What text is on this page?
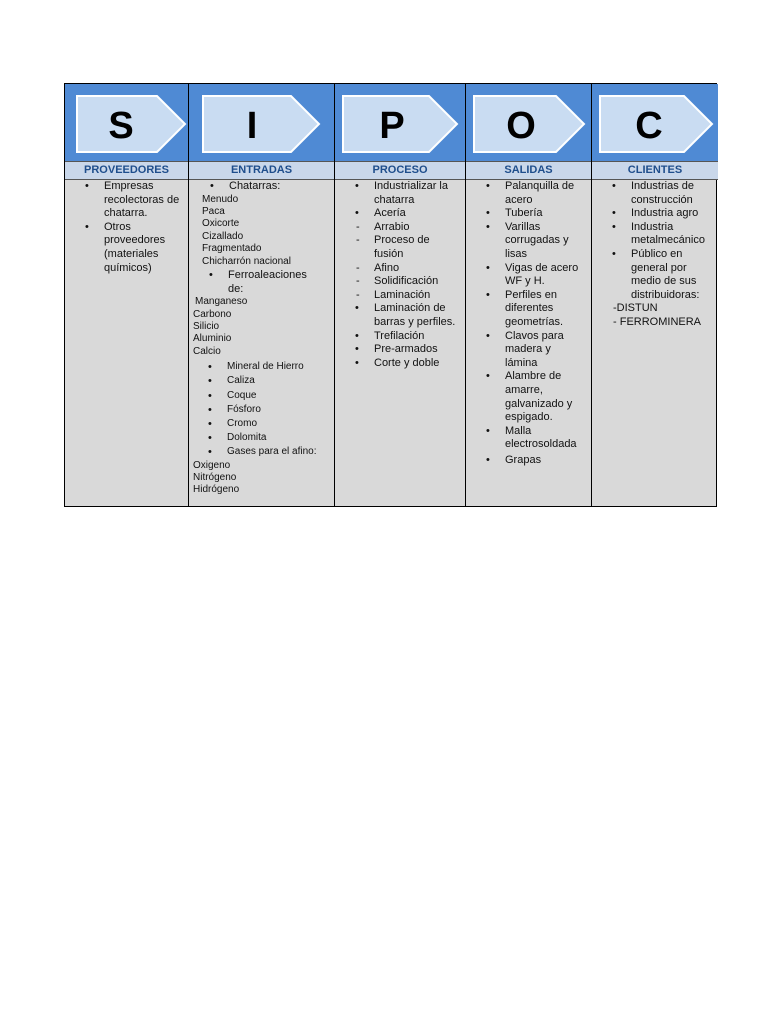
S
PROVEEDORES
• Empresas recolectoras de chatarra.
• Otros proveedores (materiales químicos)
I
ENTRADAS
• Chatarras:
Menudo
Paca
Oxicorte
Cizallado
Fragmentado
Chicharrón nacional
• Ferroaleaciones de:
Manganeso
Carbono
Silicio
Aluminio
Calcio
• Mineral de Hierro
• Caliza
• Coque
• Fósforo
• Cromo
• Dolomita
• Gases para el afino:
Oxigeno
Nitrógeno
Hidrógeno
P
PROCESO
• Industrializar la chatarra
• Acería
- Arrabio
- Proceso de fusión
- Afino
- Solidificación
- Laminación
• Laminación de barras y perfiles.
• Trefilación
• Pre-armados
• Corte y doble
O
SALIDAS
• Palanquilla de acero
• Tubería
• Varillas corrugadas y lisas
• Vigas de acero WF y H.
• Perfiles en diferentes geometrías.
• Clavos para madera y lámina
• Alambre de amarre, galvanizado y espigado.
• Malla electrosoldada
• Grapas
C
CLIENTES
• Industrias de construcción
• Industria agro
• Industria metalmecánico
• Público en general por medio de sus distribuidoras:
-DISTUN
- FERROMINERA
